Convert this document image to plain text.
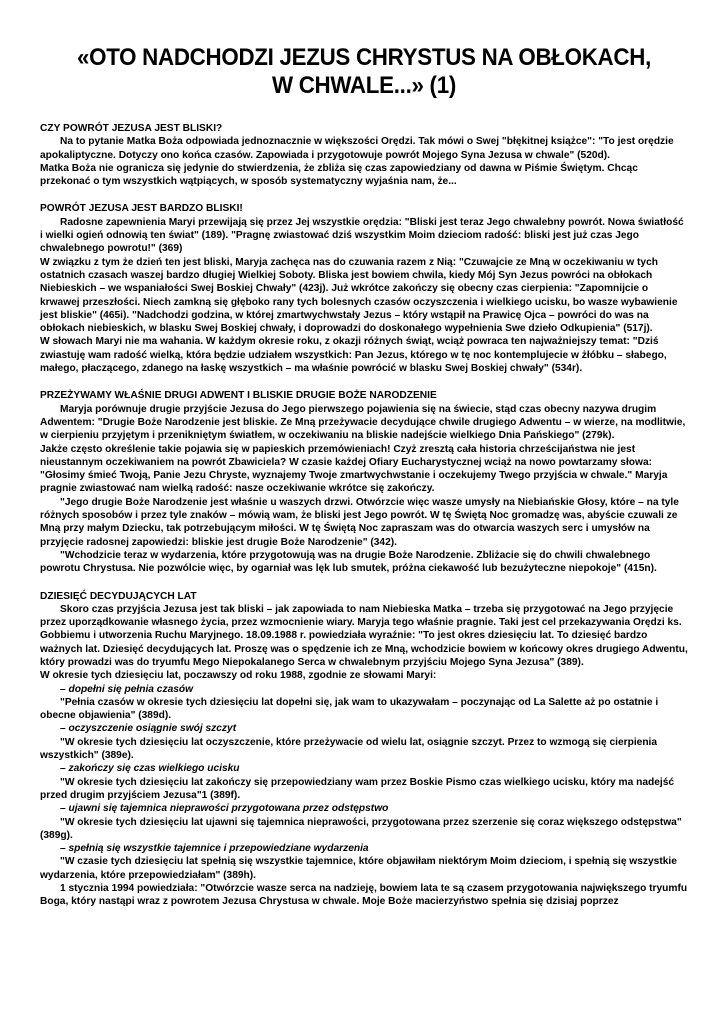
«OTO NADCHODZI JEZUS CHRYSTUS NA OBŁOKACH,
W CHWALE...» (1)

CZY POWRÓT JEZUSA JEST BLISKI?

Na to pytanie Matka Boża odpowiada jednoznacznie w większości Orędzi. Tak mówi o Swej "błękitnej książce": "To jest orędzie apokaliptyczne. Dotyczy ono końca czasów. Zapowiada i przygotowuje powrót Mojego Syna Jezusa w chwale" (520d).

Matka Boża nie ogranicza się jedynie do stwierdzenia, że zbliża się czas zapowiedziany od dawna w Piśmie Świętym. Chcąc przekonać o tym wszystkich wątpiących, w sposób systematyczny wyjaśnia nam, że...

POWRÓT JEZUSA JEST BARDZO BLISKI!

Radosne zapewnienia Maryi przewijają się przez Jej wszystkie orędzia: "Bliski jest teraz Jego chwalebny powrót. Nowa światłość i wielki ogień odnowią ten świat" (189). "Pragnę zwiastować dziś wszystkim Moim dzieciom radość: bliski jest już czas Jego chwalebnego powrotu!" (369)

W związku z tym że dzień ten jest bliski, Maryja zachęca nas do czuwania razem z Nią: "Czuwajcie ze Mną w oczekiwaniu w tych ostatnich czasach waszej bardzo długiej Wielkiej Soboty. Bliska jest bowiem chwila, kiedy Mój Syn Jezus powróci na obłokach Niebieskich – we wspaniałości Swej Boskiej Chwały" (423j). Już wkrótce zakończy się obecny czas cierpienia: "Zapomnijcie o krwawej przeszłości. Niech zamkną się głęboko rany tych bolesnych czasów oczyszczenia i wielkiego ucisku, bo wasze wybawienie jest bliskie" (465i). "Nadchodzi godzina, w której zmartwychwstały Jezus – który wstąpił na Prawicę Ojca – powróci do was na obłokach niebieskich, w blasku Swej Boskiej chwały, i doprowadzi do doskonałego wypełnienia Swe dzieło Odkupienia" (517j).

W słowach Maryi nie ma wahania. W każdym okresie roku, z okazji różnych świąt, wciąż powraca ten najważniejszy temat: "Dziś zwiastuję wam radość wielką, która będzie udziałem wszystkich: Pan Jezus, którego w tę noc kontemplujecie w żłóbku – słabego, małego, płaczącego, zdanego na łaskę wszystkich – ma właśnie powrócić w blasku Swej Boskiej chwały" (534r).

PRZEŻYWAMY WŁAŚNIE DRUGI ADWENT I BLISKIE DRUGIE BOŻE NARODZENIE

Maryja porównuje drugie przyjście Jezusa do Jego pierwszego pojawienia się na świecie, stąd czas obecny nazywa drugim Adwentem: "Drugie Boże Narodzenie jest bliskie. Ze Mną przeżywacie decydujące chwile drugiego Adwentu – w wierze, na modlitwie, w cierpieniu przyjętym i przenikniętym światłem, w oczekiwaniu na bliskie nadejście wielkiego Dnia Pańskiego" (279k).

Jakże często określenie takie pojawia się w papieskich przemówieniach! Czyż zresztą cała historia chrześcijaństwa nie jest nieustannym oczekiwaniem na powrót Zbawiciela? W czasie każdej Ofiary Eucharystycznej wciąż na nowo powtarzamy słowa: "Głosimy śmieć Twoją, Panie Jezu Chryste, wyznajemy Twoje zmartwychwstanie i oczekujemy Twego przyjścia w chwale." Maryja pragnie zwiastować nam wielką radość: nasze oczekiwanie wkrótce się zakończy.

"Jego drugie Boże Narodzenie jest właśnie u waszych drzwi. Otwórzcie więc wasze umysły na Niebiańskie Głosy, które – na tyle różnych sposobów i przez tyle znaków – mówią wam, że bliski jest Jego powrót. W tę Świętą Noc gromadzę was, abyście czuwali ze Mną przy małym Dziecku, tak potrzebującym miłości. W tę Świętą Noc zapraszam was do otwarcia waszych serc i umysłów na przyjęcie radosnej zapowiedzi: bliskie jest drugie Boże Narodzenie" (342).

"Wchodzicie teraz w wydarzenia, które przygotowują was na drugie Boże Narodzenie. Zbliżacie się do chwili chwalebnego powrotu Chrystusa. Nie pozwólcie więc, by ogarniał was lęk lub smutek, próżna ciekawość lub bezużyteczne niepokoje" (415n).

DZIESIĘĆ DECYDUJĄCYCH LAT

Skoro czas przyjścia Jezusa jest tak bliski – jak zapowiada to nam Niebieska Matka – trzeba się przygotować na Jego przyjęcie przez uporządkowanie własnego życia, przez wzmocnienie wiary. Maryja tego właśnie pragnie. Taki jest cel przekazywania Orędzi ks. Gobbiemu i utworzenia Ruchu Maryjnego. 18.09.1988 r. powiedziała wyraźnie: "To jest okres dziesięciu lat. To dziesięć bardzo ważnych lat. Dziesięć decydujących lat. Proszę was o spędzenie ich ze Mną, wchodzicie bowiem w końcowy okres drugiego Adwentu, który prowadzi was do tryumfu Mego Niepokalanego Serca w chwalebnym przyjściu Mojego Syna Jezusa" (389).

W okresie tych dziesięciu lat, poczawszy od roku 1988, zgodnie ze słowami Maryi:

– dopełni się pełnia czasów

"Pełnia czasów w okresie tych dziesięciu lat dopełni się, jak wam to ukazywałam – poczynając od La Salette aż po ostatnie i obecne objawienia" (389d).

– oczyszczenie osiągnie swój szczyt

"W okresie tych dziesięciu lat oczyszczenie, które przeżywacie od wielu lat, osiągnie szczyt. Przez to wzmogą się cierpienia wszystkich" (389e).

– zakończy się czas wielkiego ucisku

"W okresie tych dziesięciu lat zakończy się przepowiedziany wam przez Boskie Pismo czas wielkiego ucisku, który ma nadejść przed drugim przyjściem Jezusa"1 (389f).

– ujawni się tajemnica nieprawości przygotowana przez odstępstwo

"W okresie tych dziesięciu lat ujawni się tajemnica nieprawości, przygotowana przez szerzenie się coraz większego odstępstwa" (389g).

– spełnią się wszystkie tajemnice i przepowiedziane wydarzenia

"W czasie tych dziesięciu lat spełnią się wszystkie tajemnice, które objawiłam niektórym Moim dzieciom, i spełnią się wszystkie wydarzenia, które przepowiedziałam" (389h).

1 stycznia 1994 powiedziała: "Otwórzcie wasze serca na nadzieję, bowiem lata te są czasem przygotowania największego tryumfu Boga, który nastąpi wraz z powrotem Jezusa Chrystusa w chwale. Moje Boże macierzyństwo spełnia się dzisiaj poprzez
